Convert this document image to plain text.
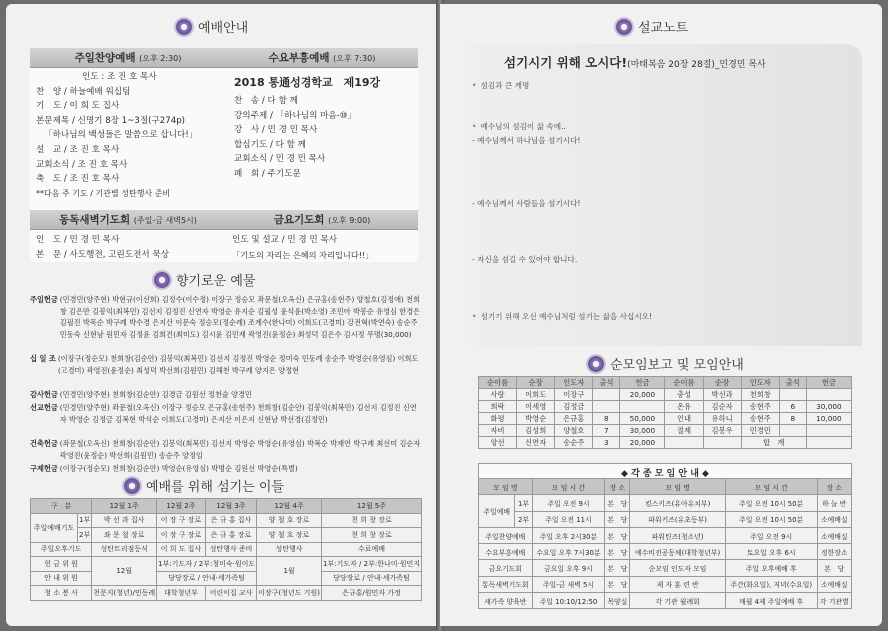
예배안내
주일찬양예배 (오후 2:30)
인도 : 조 진 호 목사
찬　양 / 하늘예배 워십팀
기　도 / 이 희 도 집사
본문제목 / 신명기 8장 1~3절(구274p)
「하나님의 백성들은 말씀으로 삽니다!」
설　교 / 조 진 호 목사
교회소식 / 조 진 호 목사
축　도 / 조 진 호 목사
**다음 주 기도 / 기관별 성탄행사 준비
수요부흥예배 (오후 7:30)
2018 통通성경학교　제19강
찬　송 / 다 함 께
강의주제 / 「하나님의 마음-⑩」
강　사 / 민 경 민 목사
합심기도 / 다 함 께
교회소식 / 민 경 민 목사
폐　회 / 주기도문
동독새벽기도회 (주일-금 새벽5시)
인　도 / 민 경 민 목사
본　문 / 사도행전, 고린도전서 묵상
금요기도회 (오후 9:00)
인도 및 설교 / 민 경 민 목사
「기도의 자리는 은혜의 자리입니다!!」
향기로운 예물
주일헌금 (민경민(양주현) 박현규(이선희) 김정수(이수정) 이장구 정승모 좌문철(오옥신) 은규홍(송현주) 양철호(김정애) 천희창 김은만 김봉익(최복민) 김선지 김정진 신연자 박영순 유지순 김필성 윤석윤(박소영) 조민아 박봉순 유영심 한경은 김필진 박목순 박구례 박수경 은지산 이문숙 정승모(정순례) 조계수(한나미) 이희도(고경미) 강전혁(박연숙) 송순주 민동숙 신현남 원민자 김정윤 김희건(최미도) 김시윤 김민재 곽영진(윤정순) 최성덕 김은수 김시정 무명(30,000)
십 일 조 (이장구(정순모) 천희창(김순안) 김봉익(최복민) 김선지 김정진 박영순 정미숙 민동례 송순주 박영순(유영심) 이희도(고경미) 곽영진(윤정순) 최성덕 박선희(김원민) 김해천 박구례 양지은 양정현
감사헌금 (민경민(양주현) 천희창(김순안) 김경금 김원선 정천술 양경민
선교헌금 (민경민(양주현) 좌문철(오옥신) 이장구 정승모 은규홍(송현주) 천희창(김순안) 김봉익(최복민) 김선지 김정진 신연자 박영순 김정금 김복현 박석순 이희도(고경미) 은지산 이은지 신현남 박선경(김정민)
건축헌금 (좌문철(오옥신) 천희창(김순안) 김봉익(최복민) 김선지 박영순 박영순(유영심) 박복순 박재연 박구례 최선미 김순자 곽영진(윤정순) 박선희(김원민) 송순주 양정임
구제헌금 (이장구(정순모) 천희창(김순안) 박영순(유영심) 박명순 김원선 박영순(특별)
예배를 위해 섬기는 이들
구　분		12월 1주	12월 2주	12월 3주	12월 4주	12월 5주
주일예배기도	1부	박 선 과 집사	이 장 구 장로	은 규 홍 집사	양 철 호 장로	천 희 창 장로
	2부	좌 문 철 장로	이 장 구 장로	은 규 홍 장로	양 철 호 장로	천 희 창 장로
주일오후기도		성탄트리점등식	이 희 도 집사	성탄행사 준비	성탄행사	수료예배
헌 금 위 원		12월	1부:기도자 / 2부:청미숙·원이도		1월	1부:기도자 / 2부:한나미·원민지
안 내 위 원			당당장로 / 안내·세가족팀			당당장로 / 안내·세가족팀
청 소 봉 사		천문지(청년)/민동례	대학청년부	어린이집 교사	이장구(청년도 기원)	은규홍/원민자 가정
설교노트
섬기시기 위해 오시다!(마태복음 20장 28절)_민경민 목사
• 섬김과 큰 계명
• 예수님의 섬김이 삶 속에..
- 예수님께서 하나님을 섬기시다!
- 예수님께서 사람들을 섬기시다!
- 자신을 섬길 수 있어야 합니다.
• 섬기기 위해 오신 예수님처럼 섬기는 삶을 사십시오!
순모임보고 및 모임안내
순이름	순장	인도자	출석	헌금	순이름	순장	인도자	출석	헌금
사랑	이희도	이장구		20,000	충성	박선과	천희창		
희락	이세영	김정금			온유	김순자	송현주	6	30,000
화평	박영순	은규홍	8	50,000	인내	유하니	송현주	8	10,000
자비	김성희	양철호	7	30,000	절제	김봉우	민경민		
양선	신연자	송순주	3	20,000			합　계		
◆ 각 종 모 임 안 내 ◆
모 임 명		모 임 시 간	장 소	모 임 명	모 임 시 간	장 소
주일예배	1부	주일 오전 9시	본　당	킹스키즈(유아유치부)	주일 오전 10시 50분	하 늘 반
	2부	주일 오전 11시	본　당	파워키즈(유초등부)	주일 오전 10시 50분	소예배실
주일찬양예배		주일 오후 2시30분	본　당	파워틴즈(청소년)	주일 오전 9시	소예배실
수요부흥예배		수요일 오후 7시30분	본　당	예수비전공동체(대학청년부)	토요일 오후 6시	정한장소
금요기도회		금요일 오후 9시	본　당	순모임 인도자 모임	주일 오후예배 후	본　당
통독새벽기도회		주일-금 새벽 5시	본　당	제 자 훈 련 반	주간(화요일), 저녁(수요일)	소예배실
새가족 양육반		주일 10:10/12:50	목양실	각 기관 월례회	매월 4제 주일예배 후	각 기관별
